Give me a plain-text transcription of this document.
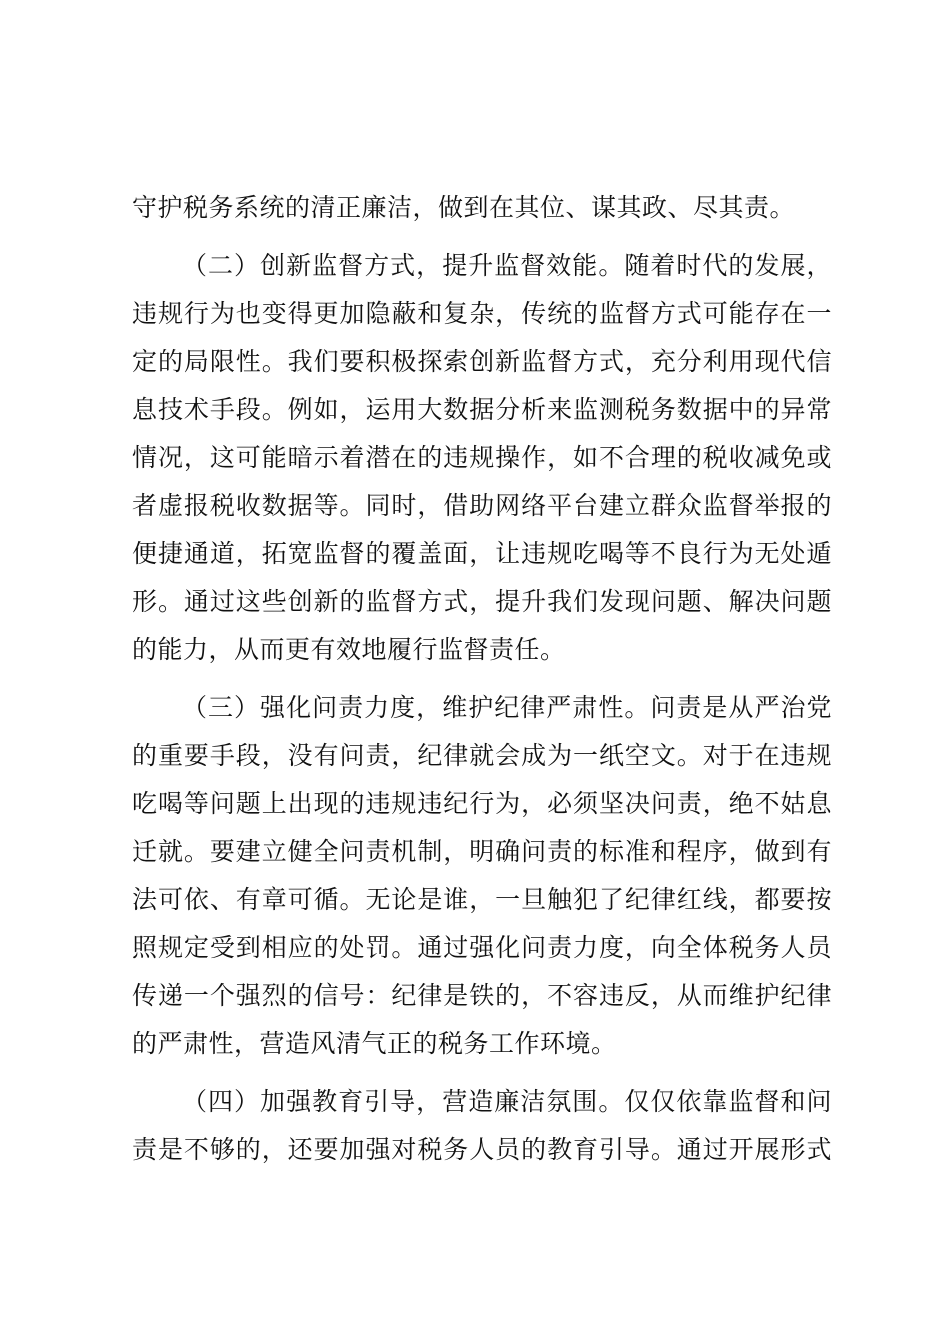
守护税务系统的清正廉洁，做到在其位、谋其政、尽其责。
（二）创新监督方式，提升监督效能。随着时代的发展，
违规行为也变得更加隐蔽和复杂，传统的监督方式可能存在一
定的局限性。我们要积极探索创新监督方式，充分利用现代信
息技术手段。例如，运用大数据分析来监测税务数据中的异常
情况，这可能暗示着潜在的违规操作，如不合理的税收减免或
者虚报税收数据等。同时，借助网络平台建立群众监督举报的
便捷通道，拓宽监督的覆盖面，让违规吃喝等不良行为无处遁
形。通过这些创新的监督方式，提升我们发现问题、解决问题
的能力，从而更有效地履行监督责任。
（三）强化问责力度，维护纪律严肃性。问责是从严治党
的重要手段，没有问责，纪律就会成为一纸空文。对于在违规
吃喝等问题上出现的违规违纪行为，必须坚决问责，绝不姑息
迁就。要建立健全问责机制，明确问责的标准和程序，做到有
法可依、有章可循。无论是谁，一旦触犯了纪律红线，都要按
照规定受到相应的处罚。通过强化问责力度，向全体税务人员
传递一个强烈的信号：纪律是铁的，不容违反，从而维护纪律
的严肃性，营造风清气正的税务工作环境。
（四）加强教育引导，营造廉洁氛围。仅仅依靠监督和问
责是不够的，还要加强对税务人员的教育引导。通过开展形式
